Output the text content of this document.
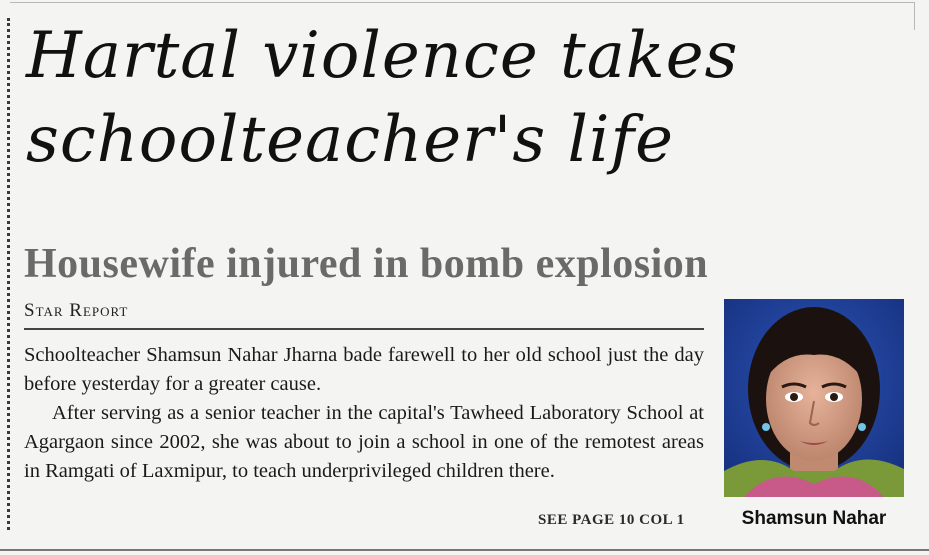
Hartal violence takes schoolteacher's life
Housewife injured in bomb explosion
Star Report

Schoolteacher Shamsun Nahar Jharna bade farewell to her old school just the day before yesterday for a greater cause.

After serving as a senior teacher in the capital's Tawheed Laboratory School at Agargaon since 2002, she was about to join a school in one of the remotest areas in Ramgati of Laxmipur, to teach underprivileged children there.

SEE PAGE 10 COL 1	Shamsun Nahar
